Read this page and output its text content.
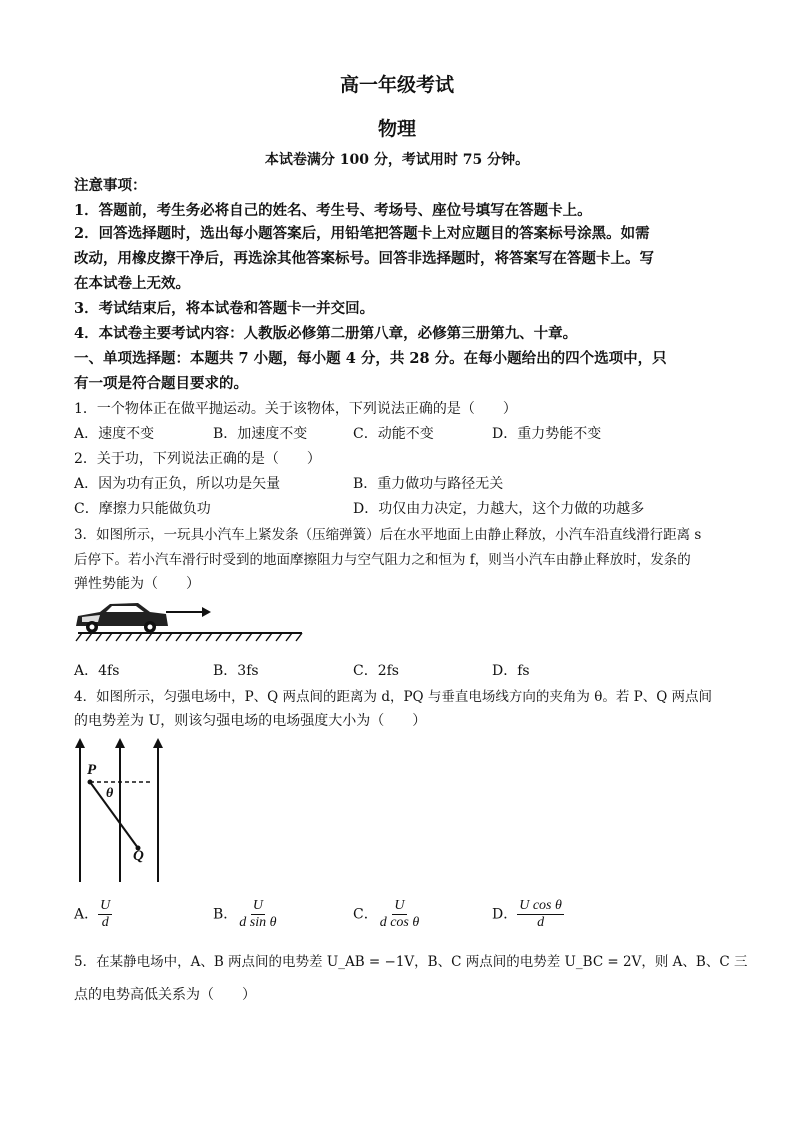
高一年级考试
物理
本试卷满分 100 分，考试用时 75 分钟。
注意事项：
1．答题前，考生务必将自己的姓名、考生号、考场号、座位号填写在答题卡上。
2．回答选择题时，选出每小题答案后，用铅笔把答题卡上对应题目的答案标号涂黑。如需
改动，用橡皮擦干净后，再选涂其他答案标号。回答非选择题时，将答案写在答题卡上。写
在本试卷上无效。
3．考试结束后，将本试卷和答题卡一并交回。
4．本试卷主要考试内容：人教版必修第二册第八章，必修第三册第九、十章。
一、单项选择题：本题共 7 小题，每小题 4 分，共 28 分。在每小题给出的四个选项中，只
有一项是符合题目要求的。
1．一个物体正在做平抛运动。关于该物体，下列说法正确的是（　　）
A．速度不变	B．加速度不变	C．动能不变	D．重力势能不变
2．关于功，下列说法正确的是（　　）
A．因为功有正负，所以功是矢量	B．重力做功与路径无关
C．摩擦力只能做负功	D．功仅由力决定，力越大，这个力做的功越多
3．如图所示，一玩具小汽车上紧发条（压缩弹簧）后在水平地面上由静止释放，小汽车沿直线滑行距离 s
后停下。若小汽车滑行时受到的地面摩擦阻力与空气阻力之和恒为 f，则当小汽车由静止释放时，发条的
弹性势能为（　　）
A．4fs	B．3fs	C．2fs	D．fs
4．如图所示，匀强电场中，P、Q 两点间的距离为 d，PQ 与垂直电场线方向的夹角为 θ。若 P、Q 两点间
的电势差为 U，则该匀强电场的电场强度大小为（　　）
P
θ
Q
A． $\frac{U}{d}$	B． $\frac{U}{\text{d sin θ}}$	C． $\frac{U}{\text{d cos θ}}$	D． $\frac{\text{U cos θ}}{d}$
5．在某静电场中，A、B 两点间的电势差 U_AB = −1V，B、C 两点间的电势差 U_BC = 2V，则 A、B、C 三
点的电势高低关系为（　　）
